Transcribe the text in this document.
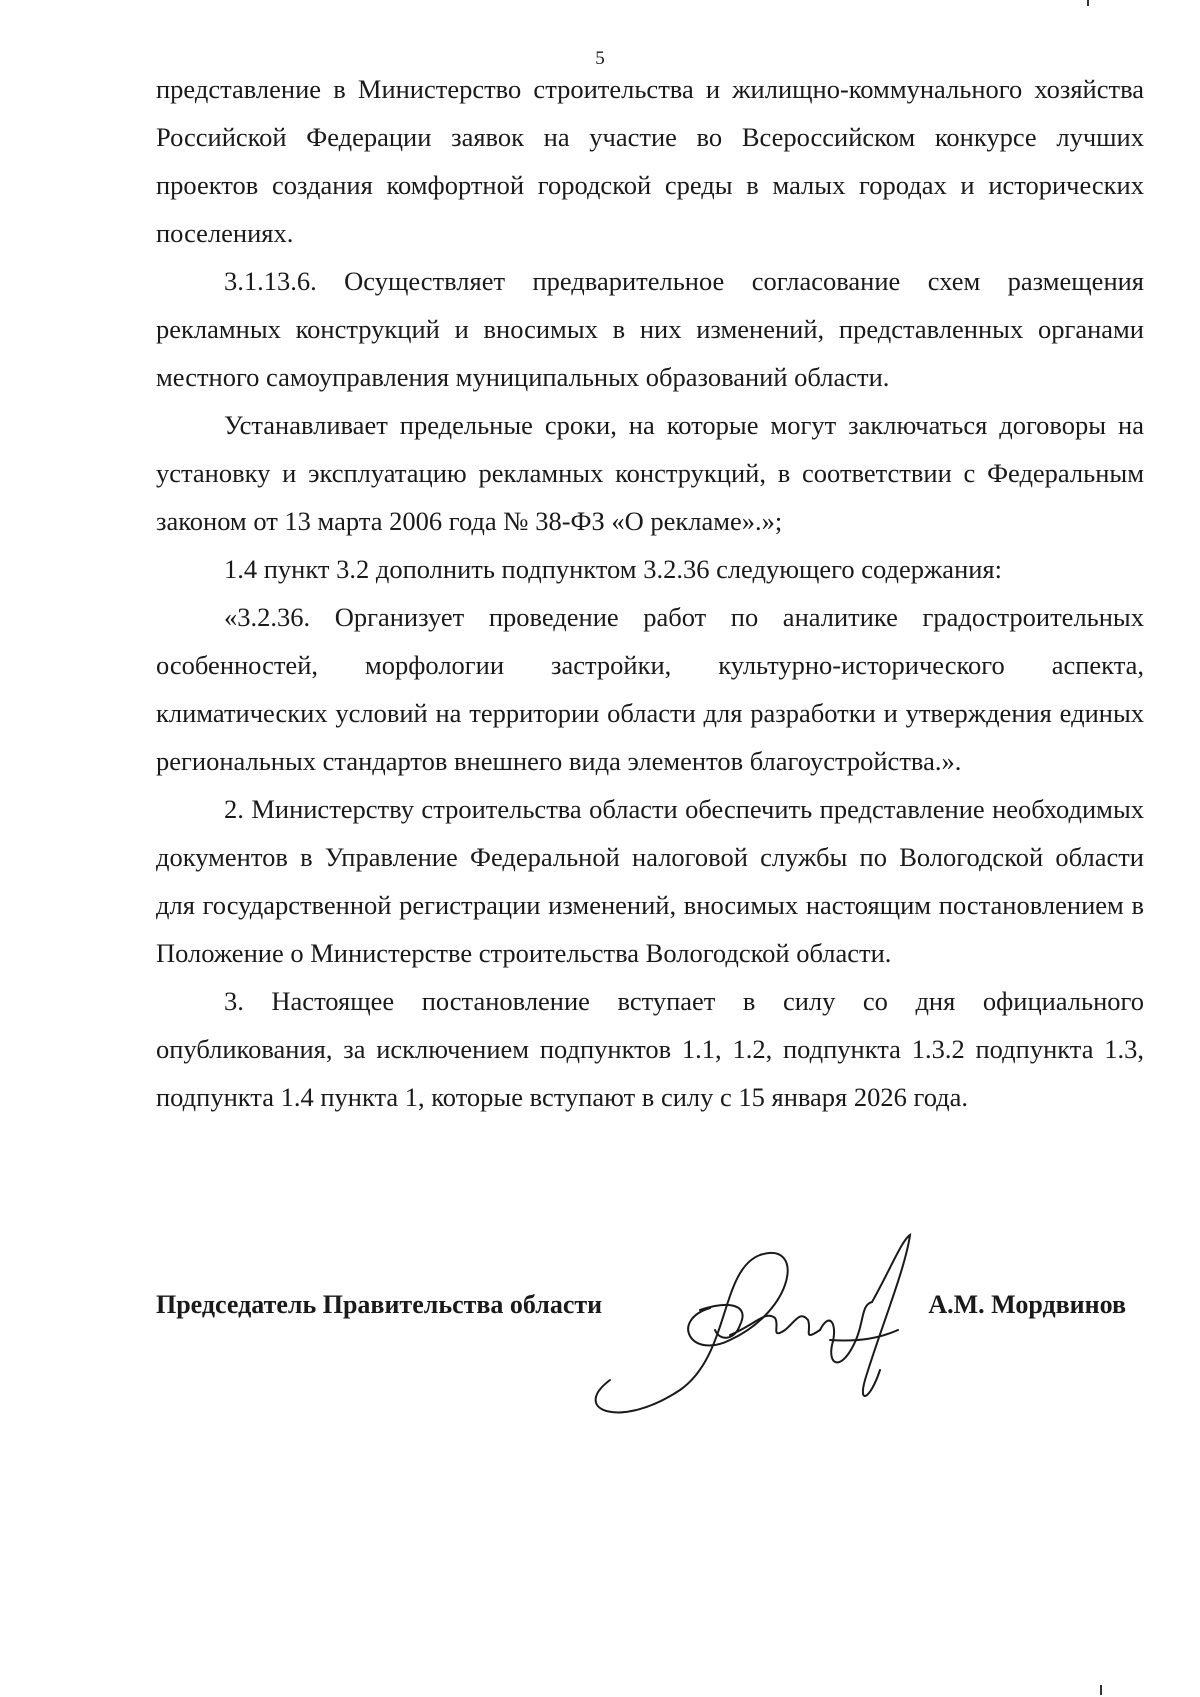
5

представление в Министерство строительства и жилищно-коммунального хозяйства Российской Федерации заявок на участие во Всероссийском конкурсе лучших проектов создания комфортной городской среды в малых городах и исторических поселениях.

3.1.13.6. Осуществляет предварительное согласование схем размещения рекламных конструкций и вносимых в них изменений, представленных органами местного самоуправления муниципальных образований области.

Устанавливает предельные сроки, на которые могут заключаться договоры на установку и эксплуатацию рекламных конструкций, в соответствии с Федеральным законом от 13 марта 2006 года № 38-ФЗ «О рекламе».»;

1.4 пункт 3.2 дополнить подпунктом 3.2.36 следующего содержания:

«3.2.36. Организует проведение работ по аналитике градостроительных особенностей, морфологии застройки, культурно-исторического аспекта, климатических условий на территории области для разработки и утверждения единых региональных стандартов внешнего вида элементов благоустройства.».

2. Министерству строительства области обеспечить представление необходимых документов в Управление Федеральной налоговой службы по Вологодской области для государственной регистрации изменений, вносимых настоящим постановлением в Положение о Министерстве строительства Вологодской области.

3. Настоящее постановление вступает в силу со дня официального опубликования, за исключением подпунктов 1.1, 1.2, подпункта 1.3.2 подпункта 1.3, подпункта 1.4 пункта 1, которые вступают в силу с 15 января 2026 года.

Председатель Правительства области	А.М. Мордвинов
